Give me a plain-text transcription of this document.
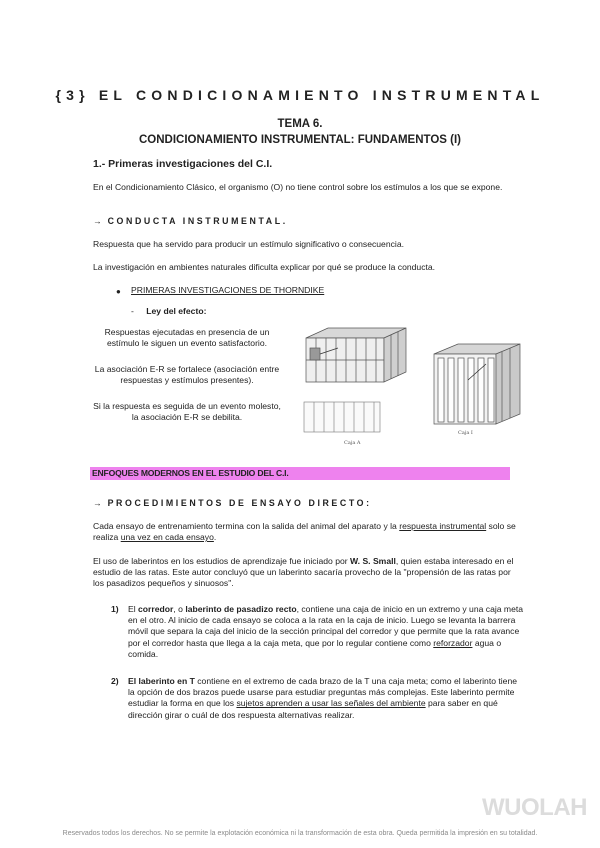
{3} EL CONDICIONAMIENTO INSTRUMENTAL
TEMA 6.
CONDICIONAMIENTO INSTRUMENTAL: FUNDAMENTOS (I)
1.- Primeras investigaciones del C.I.
En el Condicionamiento Clásico, el organismo (O) no tiene control sobre los estímulos a los que se expone.
→ CONDUCTA INSTRUMENTAL.
Respuesta que ha servido para producir un estímulo significativo o consecuencia.
La investigación en ambientes naturales dificulta explicar por qué se produce la conducta.
● PRIMERAS INVESTIGACIONES DE THORNDIKE
- Ley del efecto:
Respuestas ejecutadas en presencia de un estímulo le siguen un evento satisfactorio.
La asociación E-R se fortalece (asociación entre respuestas y estímulos presentes).
Si la respuesta es seguida de un evento molesto, la asociación E-R se debilita.
Caja A
Caja I
ENFOQUES MODERNOS EN EL ESTUDIO DEL C.I.
→ PROCEDIMIENTOS DE ENSAYO DIRECTO:
Cada ensayo de entrenamiento termina con la salida del animal del aparato y la respuesta instrumental solo se realiza una vez en cada ensayo.
El uso de laberintos en los estudios de aprendizaje fue iniciado por W. S. Small, quien estaba interesado en el estudio de las ratas. Este autor concluyó que un laberinto sacaría provecho de la "propensión de las ratas por los pasadizos pequeños y sinuosos".
1) El corredor, o laberinto de pasadizo recto, contiene una caja de inicio en un extremo y una caja meta en el otro. Al inicio de cada ensayo se coloca a la rata en la caja de inicio. Luego se levanta la barrera móvil que separa la caja del inicio de la sección principal del corredor y que permite que la rata avance por el corredor hasta que llega a la caja meta, que por lo regular contiene como reforzador agua o comida.
2) El laberinto en T contiene en el extremo de cada brazo de la T una caja meta; como el laberinto tiene la opción de dos brazos puede usarse para estudiar preguntas más complejas. Este laberinto permite estudiar la forma en que los sujetos aprenden a usar las señales del ambiente para saber en qué dirección girar o cuál de dos respuesta alternativas realizar.
WUOLAH
Reservados todos los derechos. No se permite la explotación económica ni la transformación de esta obra. Queda permitida la impresión en su totalidad.
